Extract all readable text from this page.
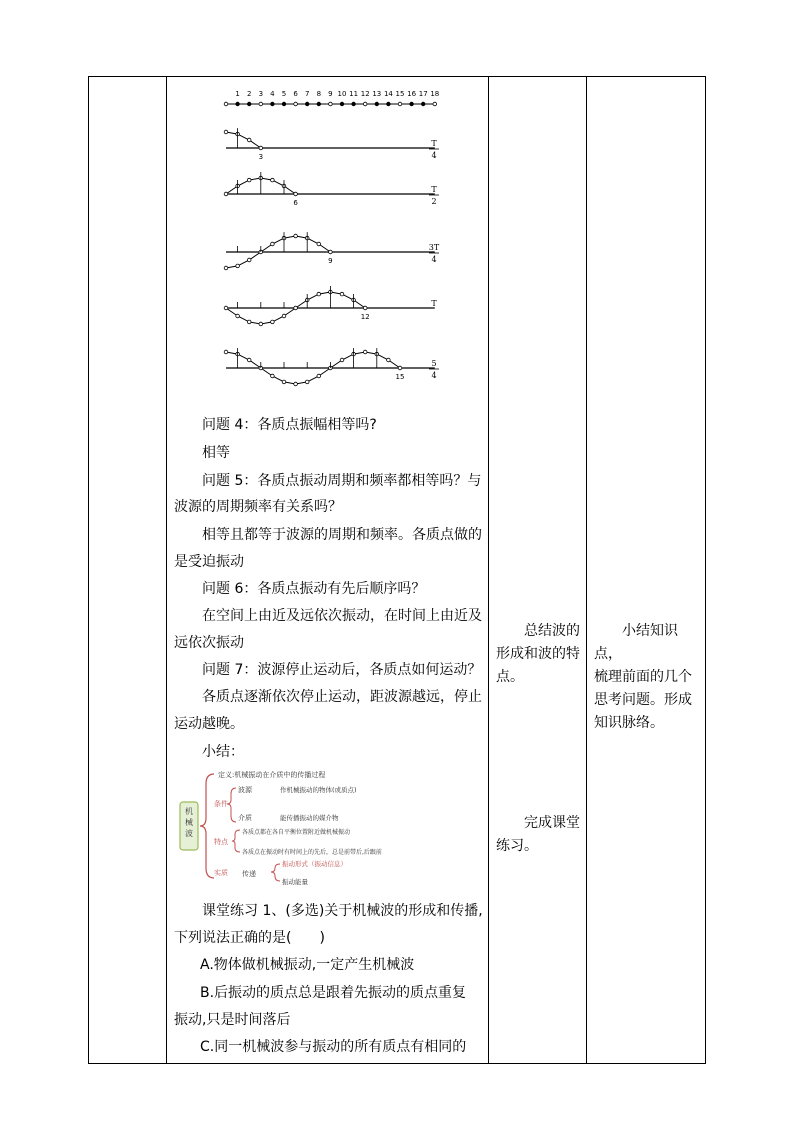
1 2 3 4 5 6 7 8 9 10 11 12 13 14 15 16 17 18
3
T
4
6
T
2
9
3T
4
12
T
15
5
4

问题 4：各质点振幅相等吗?

相等

问题 5：各质点振动周期和频率都相等吗？与

波源的周期频率有关系吗？

相等且都等于波源的周期和频率。各质点做的

是受迫振动

问题 6：各质点振动有先后顺序吗？

在空间上由近及远依次振动，在时间上由近及

远依次振动

问题 7：波源停止运动后，各质点如何运动？

各质点逐渐依次停止运动，距波源越远，停止

运动越晚。

小结：

课堂练习 1、(多选)关于机械波的形成和传播,

下列说法正确的是(　　)

A.物体做机械振动,一定产生机械波

B.后振动的质点总是跟着先振动的质点重复

振动,只是时间落后

C.同一机械波参与振动的所有质点有相同的

机械波
定义:机械振动在介质中的传播过程
条件
波源	作机械振动的物体(或质点)
介质	能传播振动的媒介物
特点
各质点都在各自平衡位置附近做机械振动
各质点在振动时有时间上的先后，总是前带后,后跟前
实质 传递
振动形式（振动信息）
振动能量
总结波的
形成和波的特
点。
完成课堂
练习。
小结知识点，
梳理前面的几个
思考问题。形成
知识脉络。
